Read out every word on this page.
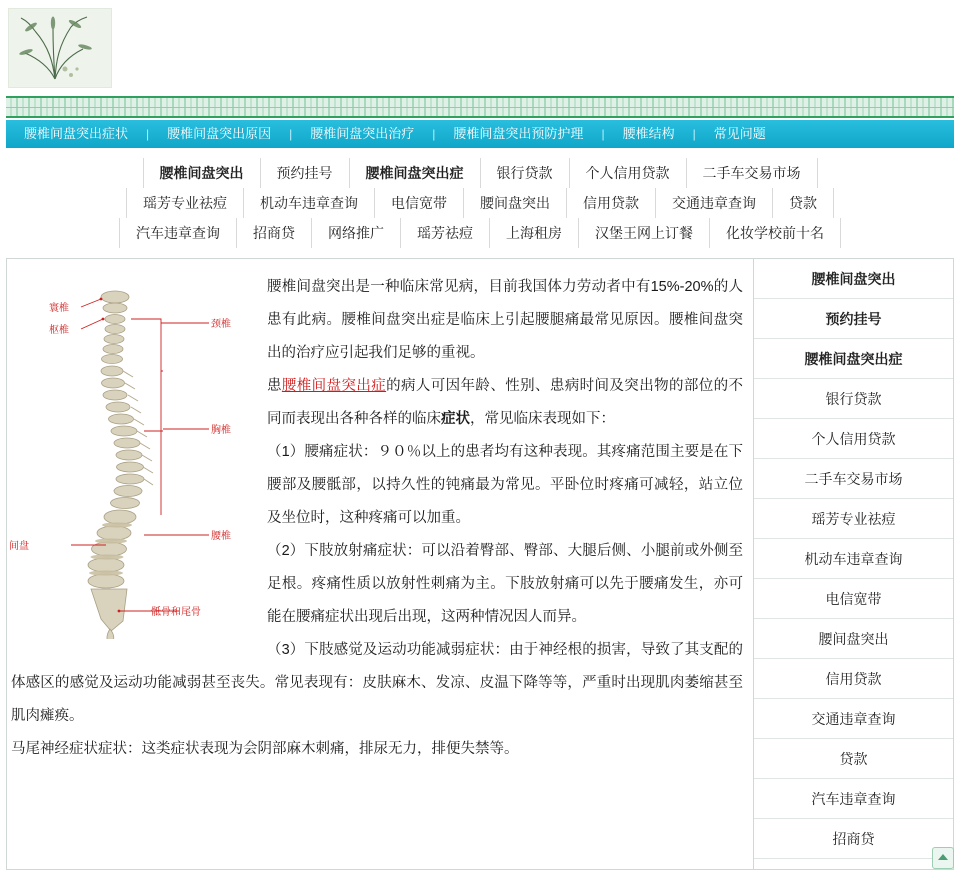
腰椎间盘突出症状	|	腰椎间盘突出原因	|	腰椎间盘突出治疗	|	腰椎间盘突出预防护理	|	腰椎结构	|	常见问题
腰椎间盘突出	预约挂号	腰椎间盘突出症	银行贷款	个人信用贷款	二手车交易市场
瑶芳专业祛痘	机动车违章查询	电信宽带	腰间盘突出	信用贷款	交通违章查询	贷款
汽车违章查询	招商贷	网络推广	瑶芳祛痘	上海租房	汉堡王网上订餐	化妆学校前十名
寰椎
枢椎
颈椎
胸椎
腰椎
间盘
骶骨和尾骨

腰椎间盘突出是一种临床常见病，目前我国体力劳动者中有15%-20%的人患有此病。腰椎间盘突出症是临床上引起腰腿痛最常见原因。腰椎间盘突出的治疗应引起我们足够的重视。

患腰椎间盘突出症的病人可因年龄、性别、患病时间及突出物的部位的不同而表现出各种各样的临床症状，常见临床表现如下：

（1）腰痛症状：９０％以上的患者均有这种表现。其疼痛范围主要是在下腰部及腰骶部，以持久性的钝痛最为常见。平卧位时疼痛可减轻，站立位及坐位时，这种疼痛可以加重。

（2）下肢放射痛症状：可以沿着臀部、臀部、大腿后侧、小腿前或外侧至足根。疼痛性质以放射性刺痛为主。下肢放射痛可以先于腰痛发生，亦可能在腰痛症状出现后出现，这两种情况因人而异。

（3）下肢感觉及运动功能减弱症状：由于神经根的损害，导致了其支配的体感区的感觉及运动功能减弱甚至丧失。常见表现有：皮肤麻木、发凉、皮温下降等等，严重时出现肌肉萎缩甚至肌肉瘫痪。

马尾神经症状症状：这类症状表现为会阴部麻木刺痛，排尿无力，排便失禁等。

腰椎间盘突出
预约挂号
腰椎间盘突出症
银行贷款
个人信用贷款
二手车交易市场
瑶芳专业祛痘
机动车违章查询
电信宽带
腰间盘突出
信用贷款
交通违章查询
贷款
汽车违章查询
招商贷
